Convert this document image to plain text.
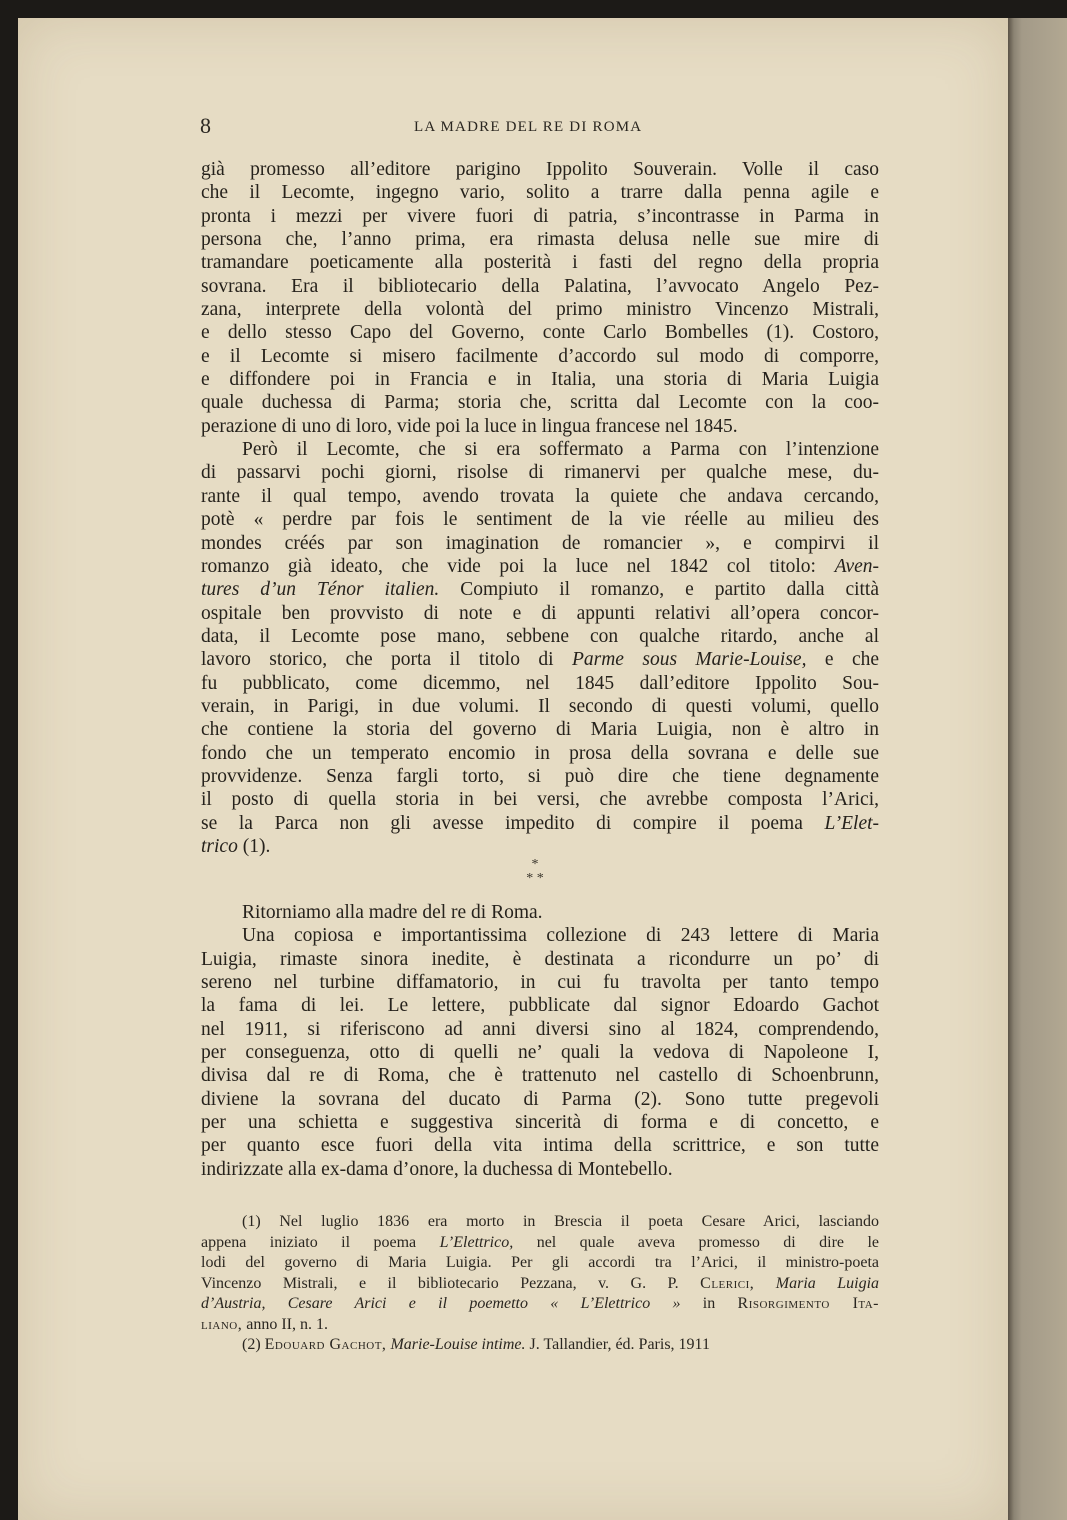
8	LA MADRE DEL RE DI ROMA
già promesso all’editore parigino Ippolito Souverain. Volle il caso
che il Lecomte, ingegno vario, solito a trarre dalla penna agile e
pronta i mezzi per vivere fuori di patria, s’incontrasse in Parma in
persona che, l’anno prima, era rimasta delusa nelle sue mire di
tramandare poeticamente alla posterità i fasti del regno della propria
sovrana. Era il bibliotecario della Palatina, l’avvocato Angelo Pez-
zana, interprete della volontà del primo ministro Vincenzo Mistrali,
e dello stesso Capo del Governo, conte Carlo Bombelles (1). Costoro,
e il Lecomte si misero facilmente d’accordo sul modo di comporre,
e diffondere poi in Francia e in Italia, una storia di Maria Luigia
quale duchessa di Parma; storia che, scritta dal Lecomte con la coo-
perazione di uno di loro, vide poi la luce in lingua francese nel 1845.
Però il Lecomte, che si era soffermato a Parma con l’intenzione
di passarvi pochi giorni, risolse di rimanervi per qualche mese, du-
rante il qual tempo, avendo trovata la quiete che andava cercando,
potè « perdre par fois le sentiment de la vie réelle au milieu des
mondes créés par son imagination de romancier », e compirvi il
romanzo già ideato, che vide poi la luce nel 1842 col titolo: Aven-
tures d’un Ténor italien. Compiuto il romanzo, e partito dalla città
ospitale ben provvisto di note e di appunti relativi all’opera concor-
data, il Lecomte pose mano, sebbene con qualche ritardo, anche al
lavoro storico, che porta il titolo di Parme sous Marie-Louise, e che
fu pubblicato, come dicemmo, nel 1845 dall’editore Ippolito Sou-
verain, in Parigi, in due volumi. Il secondo di questi volumi, quello
che contiene la storia del governo di Maria Luigia, non è altro in
fondo che un temperato encomio in prosa della sovrana e delle sue
provvidenze. Senza fargli torto, si può dire che tiene degnamente
il posto di quella storia in bei versi, che avrebbe composta l’Arici,
se la Parca non gli avesse impedito di compire il poema L’Elet-
trico (1).
*
* *
Ritorniamo alla madre del re di Roma.
Una copiosa e importantissima collezione di 243 lettere di Maria
Luigia, rimaste sinora inedite, è destinata a ricondurre un po’ di
sereno nel turbine diffamatorio, in cui fu travolta per tanto tempo
la fama di lei. Le lettere, pubblicate dal signor Edoardo Gachot
nel 1911, si riferiscono ad anni diversi sino al 1824, comprendendo,
per conseguenza, otto di quelli ne’ quali la vedova di Napoleone I,
divisa dal re di Roma, che è trattenuto nel castello di Schoenbrunn,
diviene la sovrana del ducato di Parma (2). Sono tutte pregevoli
per una schietta e suggestiva sincerità di forma e di concetto, e
per quanto esce fuori della vita intima della scrittrice, e son tutte
indirizzate alla ex-dama d’onore, la duchessa di Montebello.
(1) Nel luglio 1836 era morto in Brescia il poeta Cesare Arici, lasciando
appena iniziato il poema L’Elettrico, nel quale aveva promesso di dire le
lodi del governo di Maria Luigia. Per gli accordi tra l’Arici, il ministro-poeta
Vincenzo Mistrali, e il bibliotecario Pezzana, v. G. P. Clerici, Maria Luigia
d’Austria, Cesare Arici e il poemetto « L’Elettrico » in Risorgimento Ita-
liano, anno II, n. 1.
(2) Edouard Gachot, Marie-Louise intime. J. Tallandier, éd. Paris, 1911
